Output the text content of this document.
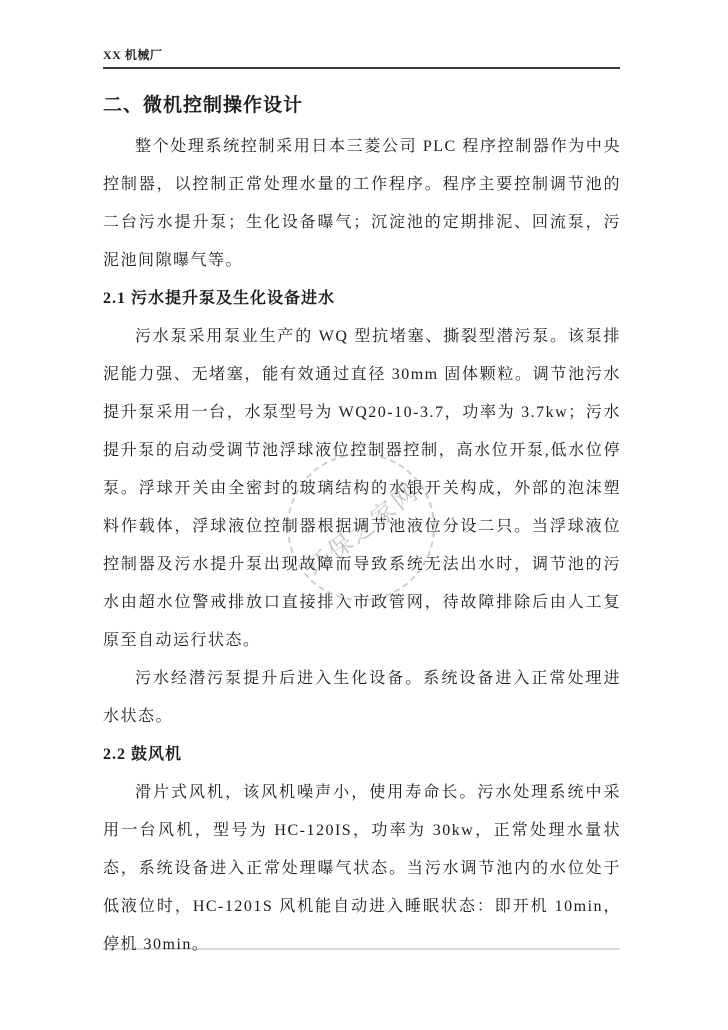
XX 机械厂
环保之家网
二、微机控制操作设计

整个处理系统控制采用日本三菱公司 PLC 程序控制器作为中央控制器，以控制正常处理水量的工作程序。程序主要控制调节池的二台污水提升泵；生化设备曝气；沉淀池的定期排泥、回流泵，污泥池间隙曝气等。

2.1 污水提升泵及生化设备进水

污水泵采用泵业生产的 WQ 型抗堵塞、撕裂型潜污泵。该泵排泥能力强、无堵塞，能有效通过直径 30mm 固体颗粒。调节池污水提升泵采用一台，水泵型号为 WQ20-10-3.7，功率为 3.7kw；污水提升泵的启动受调节池浮球液位控制器控制，高水位开泵,低水位停泵。浮球开关由全密封的玻璃结构的水银开关构成，外部的泡沫塑料作载体，浮球液位控制器根据调节池液位分设二只。当浮球液位控制器及污水提升泵出现故障而导致系统无法出水时，调节池的污水由超水位警戒排放口直接排入市政管网，待故障排除后由人工复原至自动运行状态。

污水经潜污泵提升后进入生化设备。系统设备进入正常处理进水状态。

2.2 鼓风机

滑片式风机，该风机噪声小，使用寿命长。污水处理系统中采用一台风机，型号为 HC-120IS，功率为 30kw，正常处理水量状态，系统设备进入正常处理曝气状态。当污水调节池内的水位处于低液位时，HC-1201S 风机能自动进入睡眠状态：即开机 10min，停机 30min。
